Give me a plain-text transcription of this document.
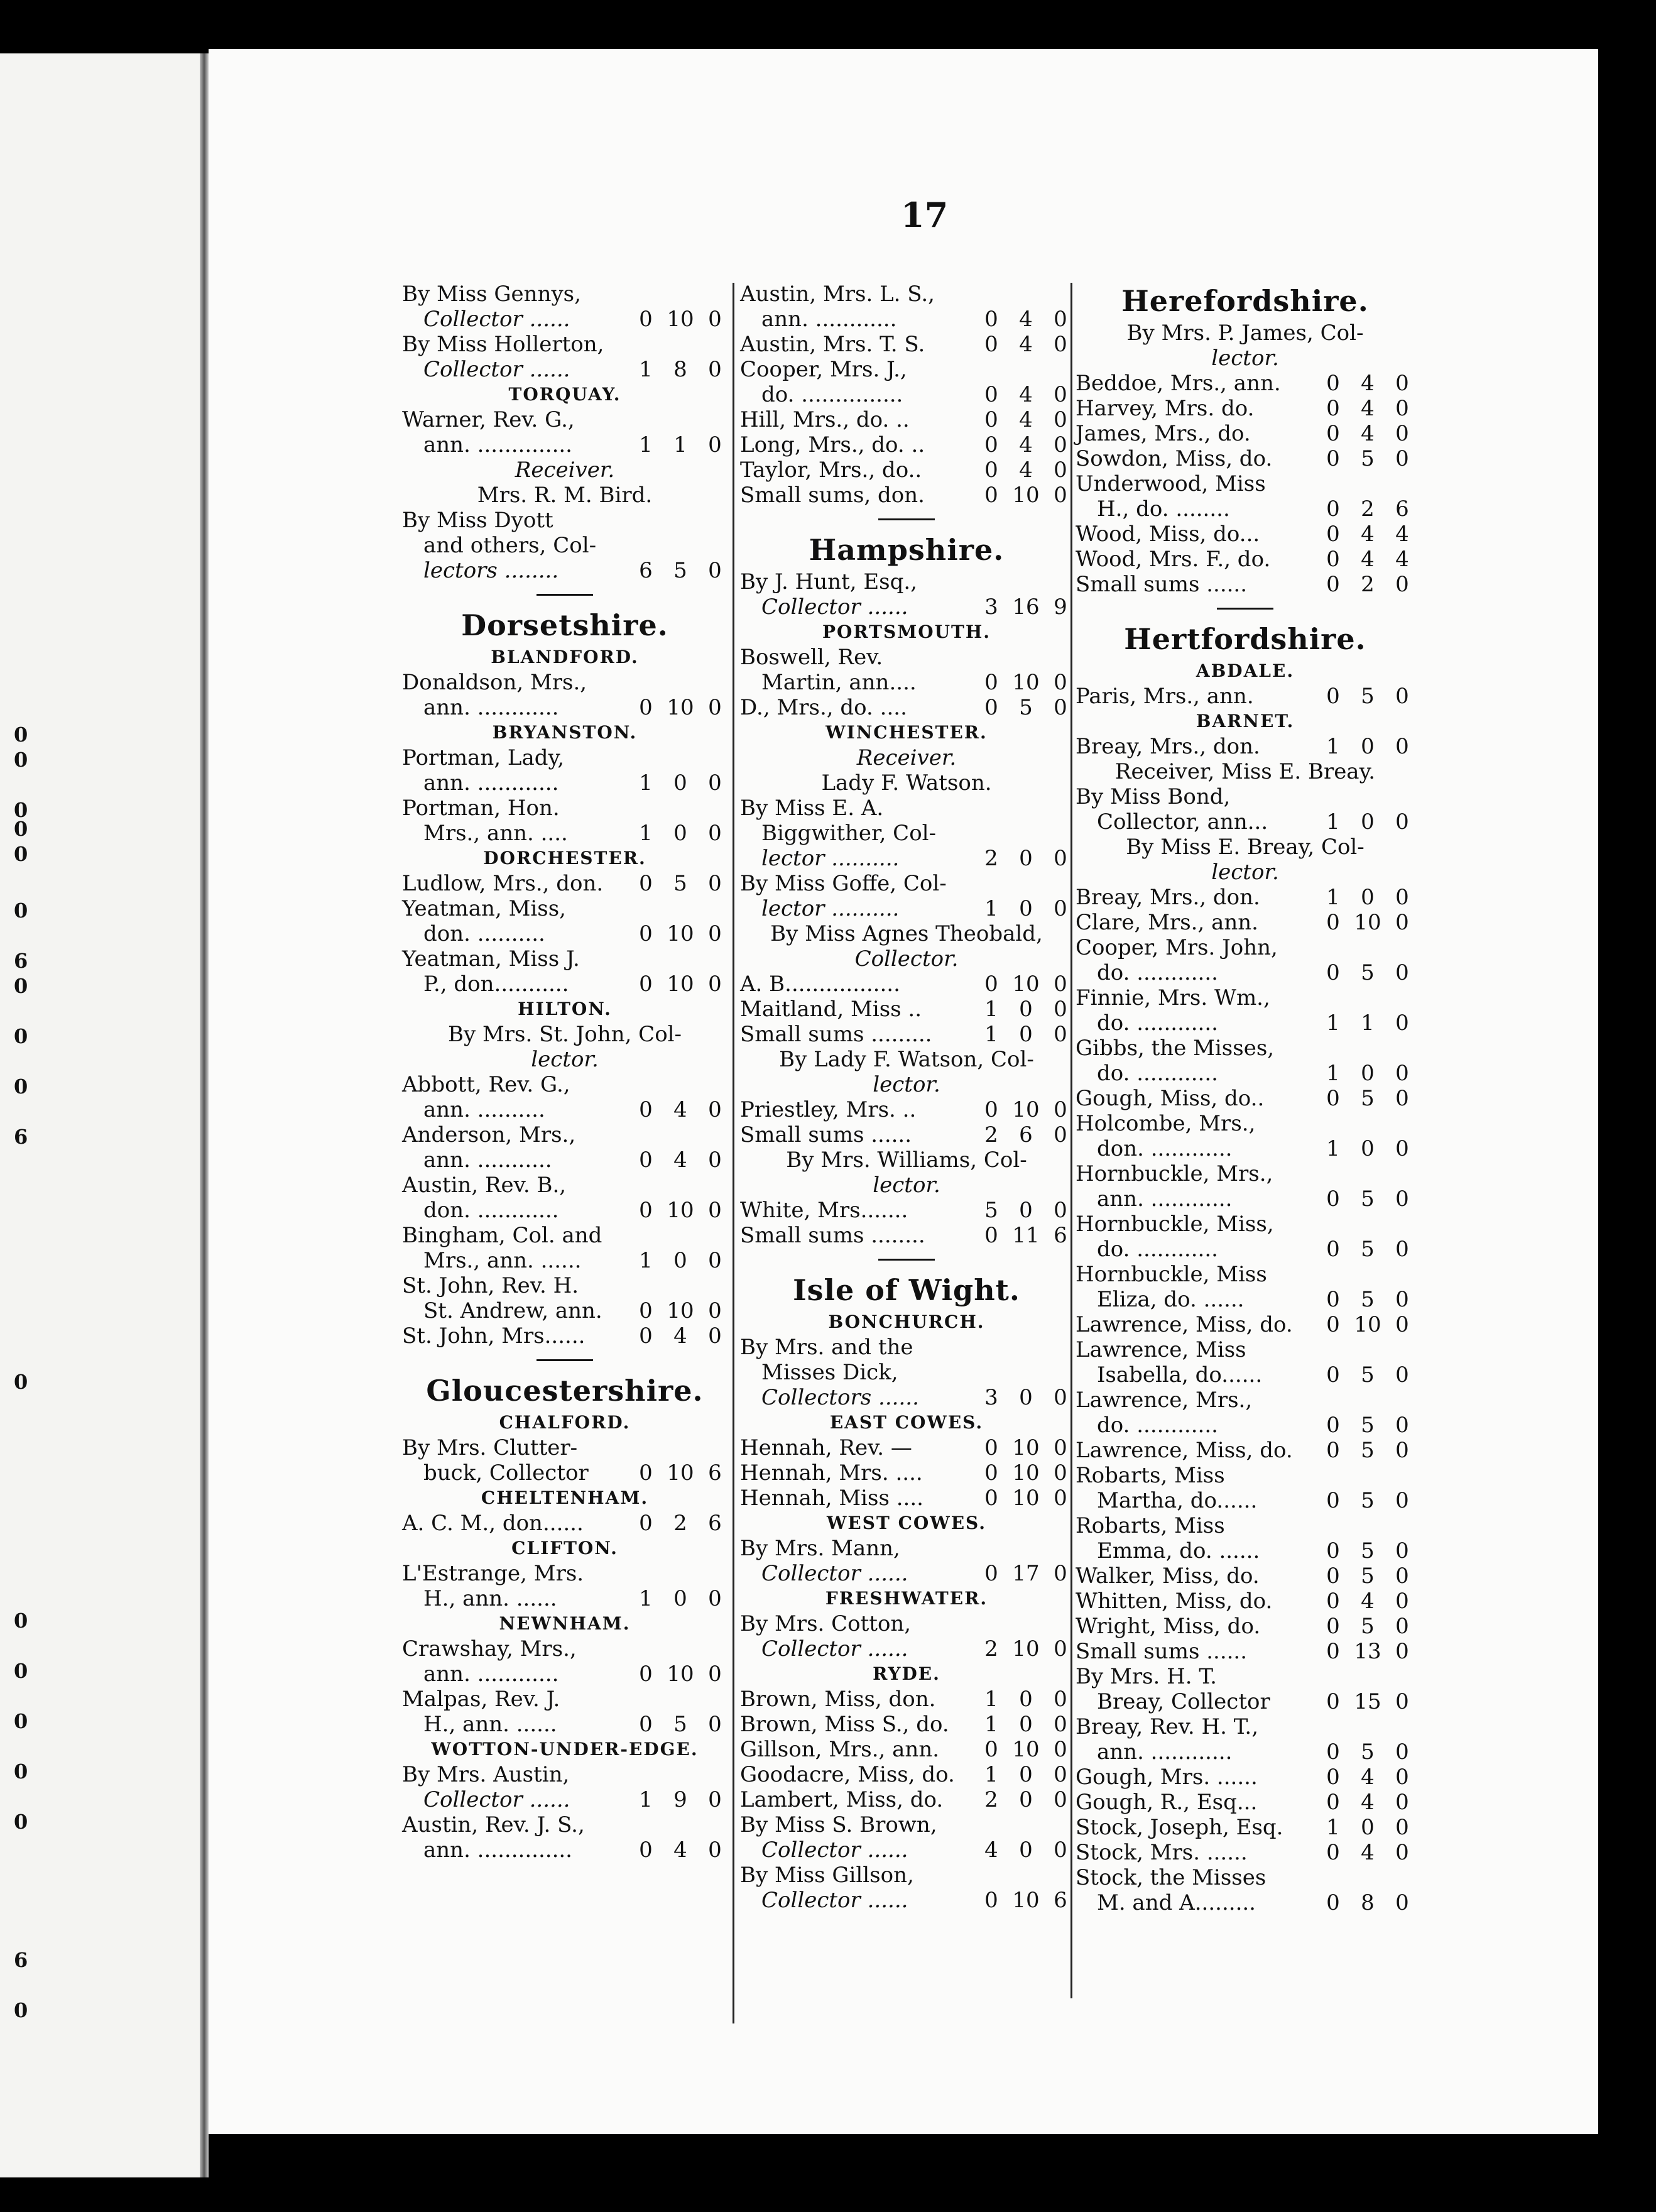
0
0
0
0
0
0
6
0
0
0
6
0
0
0
0
0
0
6
0
17
By Miss Gennys,
Collector ......	0 10 0
By Miss Hollerton,
Collector ......	1 8 0
TORQUAY.
Warner, Rev. G.,
ann. ..............	1 1 0
Receiver.
Mrs. R. M. Bird.
By Miss Dyott
and others, Col-
lectors ........	6 5 0
Dorsetshire.
BLANDFORD.
Donaldson, Mrs.,
ann. ............	0 10 0
BRYANSTON.
Portman, Lady,
ann. ............	1 0 0
Portman, Hon.
Mrs., ann. ....	1 0 0
DORCHESTER.
Ludlow, Mrs., don. 0 5 0
Yeatman, Miss,
don. ..........	0 10 0
Yeatman, Miss J.
P., don...........	0 10 0
HILTON.
By Mrs. St. John, Col-
lector.
Abbott, Rev. G.,
ann. ..........	0 4 0
Anderson, Mrs.,
ann. ...........	0 4 0
Austin, Rev. B.,
don. ............	0 10 0
Bingham, Col. and
Mrs., ann. ......	1 0 0
St. John, Rev. H.
St. Andrew, ann. 0 10 0
St. John, Mrs......	0 4 0
Gloucestershire.
CHALFORD.
By Mrs. Clutter-
buck, Collector 0 10 6
CHELTENHAM.
A. C. M., don......	0 2 6
CLIFTON.
L'Estrange, Mrs.
H., ann. ......	1 0 0
NEWNHAM.
Crawshay, Mrs.,
ann. ............	0 10 0
Malpas, Rev. J.
H., ann. ......	0 5 0
WOTTON-UNDER-EDGE.
By Mrs. Austin,
Collector ......	1 9 0
Austin, Rev. J. S.,
ann. ..............	0 4 0
Austin, Mrs. L. S.,
ann. ............	0 4 0
Austin, Mrs. T. S.	0 4 0
Cooper, Mrs. J.,
do. ...............	0 4 0
Hill, Mrs., do. ..	0 4 0
Long, Mrs., do. ..	0 4 0
Taylor, Mrs., do..	0 4 0
Small sums, don.	0 10 0
Hampshire.
By J. Hunt, Esq.,
Collector ......	3 16 9
PORTSMOUTH.
Boswell, Rev.
Martin, ann....	0 10 0
D., Mrs., do. ....	0 5 0
WINCHESTER.
Receiver.
Lady F. Watson.
By Miss E. A.
Biggwither, Col-
lector ..........	2 0 0
By Miss Goffe, Col-
lector ..........	1 0 0
By Miss Agnes Theobald,
Collector.
A. B.................	0 10 0
Maitland, Miss ..	1 0 0
Small sums ......... 1 0 0
By Lady F. Watson, Col-
lector.
Priestley, Mrs. ..	0 10 0
Small sums ......	2 6 0
By Mrs. Williams, Col-
lector.
White, Mrs.......	5 0 0
Small sums ........	0 11 6
Isle of Wight.
BONCHURCH.
By Mrs. and the
Misses Dick,
Collectors ......	3 0 0
EAST COWES.
Hennah, Rev. —	0 10 0
Hennah, Mrs. ....	0 10 0
Hennah, Miss ....	0 10 0
WEST COWES.
By Mrs. Mann,
Collector ......	0 17 0
FRESHWATER.
By Mrs. Cotton,
Collector ......	2 10 0
RYDE.
Brown, Miss, don. 1 0 0
Brown, Miss S., do. 1 0 0
Gillson, Mrs., ann. 0 10 0
Goodacre, Miss, do. 1 0 0
Lambert, Miss, do. 2 0 0
By Miss S. Brown,
Collector ......	4 0 0
By Miss Gillson,
Collector ......	0 10 6
Herefordshire.
By Mrs. P. James, Col-
lector.
Beddoe, Mrs., ann. 0 4 0
Harvey, Mrs. do.	0 4 0
James, Mrs., do.	0 4 0
Sowdon, Miss, do.	0 5 0
Underwood, Miss
H., do. ........	0 2 6
Wood, Miss, do...	0 4 4
Wood, Mrs. F., do.	0 4 4
Small sums ......	0 2 0
Hertfordshire.
ABDALE.
Paris, Mrs., ann.	0 5 0
BARNET.
Breay, Mrs., don.	1 0 0
Receiver, Miss E. Breay.
By Miss Bond,
Collector, ann...	1 0 0
By Miss E. Breay, Col-
lector.
Breay, Mrs., don.	1 0 0
Clare, Mrs., ann.	0 10 0
Cooper, Mrs. John,
do. ............	0 5 0
Finnie, Mrs. Wm.,
do. ............	1 1 0
Gibbs, the Misses,
do. ............	1 0 0
Gough, Miss, do..	0 5 0
Holcombe, Mrs.,
don. ............	1 0 0
Hornbuckle, Mrs.,
ann. ............	0 5 0
Hornbuckle, Miss,
do. ............	0 5 0
Hornbuckle, Miss
Eliza, do. ......	0 5 0
Lawrence, Miss, do. 0 10 0
Lawrence, Miss
Isabella, do......	0 5 0
Lawrence, Mrs.,
do. ............	0 5 0
Lawrence, Miss, do. 0 5 0
Robarts, Miss
Martha, do......	0 5 0
Robarts, Miss
Emma, do. ......	0 5 0
Walker, Miss, do.	0 5 0
Whitten, Miss, do.	0 4 0
Wright, Miss, do.	0 5 0
Small sums ......	0 13 0
By Mrs. H. T.
Breay, Collector	0 15 0
Breay, Rev. H. T.,
ann. ............	0 5 0
Gough, Mrs. ......	0 4 0
Gough, R., Esq...	0 4 0
Stock, Joseph, Esq. 1 0 0
Stock, Mrs. ......	0 4 0
Stock, the Misses
M. and A.........	0 8 0
